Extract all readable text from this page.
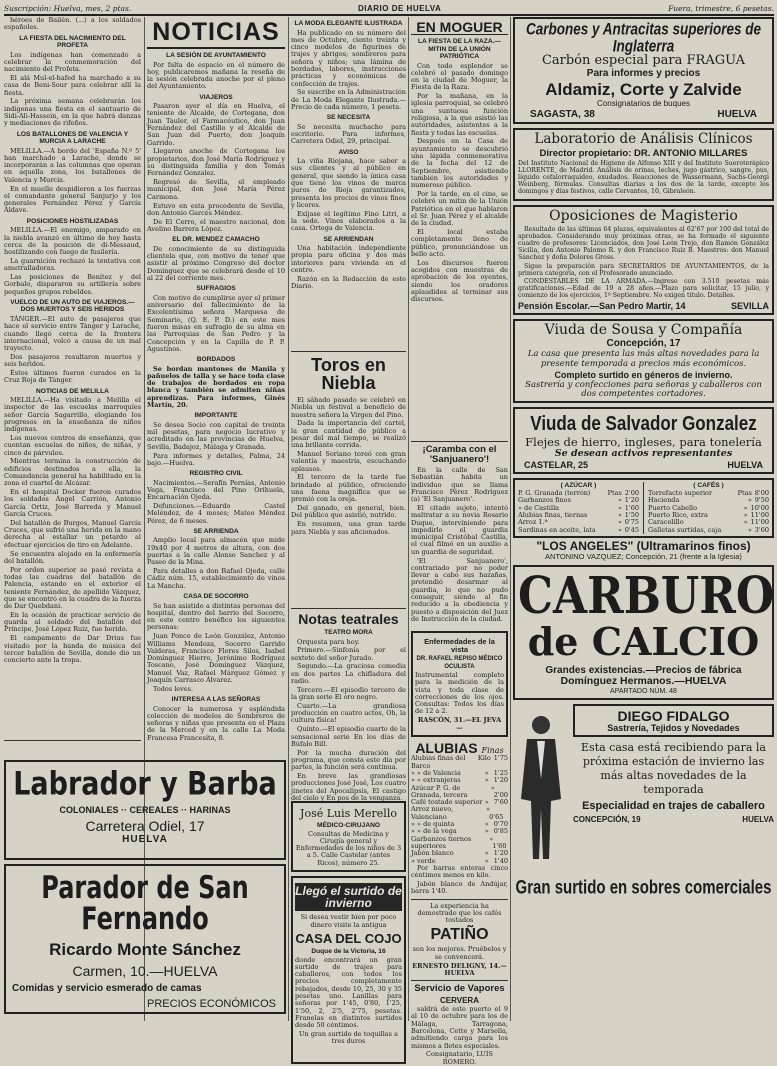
Suscripción: Huelva, mes, 2 ptas.	DIARIO DE HUELVA	Fuera, trimestre, 6 pesetas.

héroes de Bailén. (...) a los soldados españoles.

LA FIESTA DEL NACIMIENTO DEL PROFETA

Los indígenas han comenzado a celebrar la conmemoración del nacimiento del Profeta.

El alá Mul-el-hafed ha marchado a su casa de Beni-Sour para celebrar allí la fiesta.

La próxima semana celebrarán los indígenas una fiesta en el santuario de Sidi-Ali-Hassein, en la que habrá danzas y mediaciones de rifeños.

LOS BATALLONES DE VALENCIA Y MURCIA A LARACHE

MELILLA.—A bordo del 'España N.º 5' han marchado a Larache, donde se incorporarán a las columnas que operan en aquella zona, los batallones de Valencia y Murcia.

En el muelle despidieron a los fuerzas el comandante general Sanjurjo y los generales Fernández Pérez y García Aldave.

POSICIONES HOSTILIZADAS

MELILLA.—El enemigo, amparado en la niebla avanzó en último de hoy hasta cerca de la posición de di-Messaud, hostilizando con fuego de fusilería.

La guarnición rechazó la tentativa con ametralladoras.

Las posiciones de Benítez y del Gorbalo, dispararon su artillería sobre pequeños grupos rebeldes.

VUELCO DE UN AUTO DE VIAJEROS.—DOS MUERTOS Y SEIS HERIDOS

TÁNGER.—El auto de pasajeros que hace el servicio entre Tánger y Larache, cuando llegó cerca de la frontera internacional, volcó a causa de un mal trayecto.

Dos pasajeros resultaron muertos y seis heridos.

Éstos últimos fueron curados en la Cruz Roja de Tánger.

NOTICIAS DE MELILLA

MELILLA.—Ha visitado a Melilla el inspector de las escuelas marroquíes señor García Sagarrillo, elogiando los progresos en la enseñanza de niños indígenas.

Los nuevos centros de enseñanza, que cuentan escuelas de niños, de niñas, y cinco de párvulos.

Mientras termina la construcción de edificios destinados a ella, la Comandancia general ha habilitado en la zona el cuartel de Alcázar.

En el hospital Docker fueron curados los soldados Ángel Carrión, Antonio García Ortiz, José Barreda y Manuel García Cruces.

Del batallón de Burgos, Manuel García Cruces, que sufrió una herida en la mano derecha al estallar un petardo al efectuar ejercicios de tiro en Adelante.

Se encuentra alojado en la enfermería del batallón.

Por orden superior se pasó revista a todas las cuadras del batallón de Palencia, estando en el exterior el teniente Fernández, de apellido Vázquez, que se encontró en la cuadra de la fuerza de Dar Quebdani.

En la ocasión de practicar servicio de guarda al soldado del batallón del Príncipe, José López Ruiz, fue herido.

El campamento de Dar Drius fue visitado por la banda de música del tercer batallón de Sevilla, donde dio un concierto ante la tropa.

Labrador y Barba
COLONIALES ·· CEREALES ·· HARINAS
Carretera Odiel, 17
HUELVA
Parador de San Fernando
Ricardo Monte Sánchez
Carmen, 10.—HUELVA
Comidas y servicio esmerado de camas
PRECIOS ECONÓMICOS
NOTICIAS
LA SESIÓN DE AYUNTAMIENTO

Por falta de espacio en el número de hoy, publicaremos mañana la reseña de la sesión celebrada anoche por el pleno del Ayuntamiento.

VIAJEROS

Pasaron ayer el día en Huelva, el teniente de Alcalde, de Cortegana, don Juan Tauler, el Farmacéutico, don Juan Fernández del Castillo y el Alcalde de San Juan del Puerto, don Joaquín Garrido.

Llegaron anoche de Cortegana los propietarios, don José María Rodríguez y su distinguida familia y don Tomás Fernández Gonzalez.

Regresó de Sevilla, el empleado municipal, don José María Pérez Carmona.

Estuvo en esta procedente de Sevilla, don Antonio Garcés Méndez.

De El Cerro, el maestro nacional, don Avelino Barrera López.

EL DR. MENDEZ CAMACHO

De conocimiento de su distinguida clientela que, con motivo de tener que asistir al próximo Congreso del doctor Dominguez que se celebrará desde el 10 al 22 del corriente mes.

SUFRAGIOS

Con motivo de cumplirse ayer el primer aniversario del fallecimiento de la Excelentísima señora Marquesa de Seminario, (Q. E. P. D.) en este mes fueron misas en sufragio de su alma en las Parroquias de San Pedro y la Concepción y en la Capilla de P. P. Agustinos.

BORDADOS

Se bordan mantones de Manila y pañuelos de talla y se hace toda clase de trabajos de bordados en ropa blanca y también se admiten niñas aprendizas. Para informes, Ginés Martín, 20.

IMPORTANTE

Se desea Socio con capital de treinta mil pesetas, para negocio lucrativo y acreditado en las provincias de Huelva, Sevilla, Badajoz, Málaga y Granada.

Para informes y detalles, Palma, 24 bajo.—Huelva.

REGISTRO CIVIL

Nacimientos.—Serafín Pernías, Antonio Vega, Francisco del Pino Orihuela, Encarnación Ojeda.

Defunciones.—Eduardo Castel Meléndez, de 4 meses; Mateo Méndez Pérez, de 6 meses.

SE ARRIENDA

Amplio local para almacén que mide 19x40 por 4 metros de altura, con dos puertas a la calle Alonso Sanchez y al Paseo de la Mina.

Para detalles a don Rafael Ojeda, calle Cádiz núm. 15, establecimiento de vinos La Mancha.

CASA DE SOCORRO

Se han asistido a distintas personas del hospital, dentro del barrio del Socorro, en este centro benéfico los siguientes personas:

Juan Ponce de León González, Antonio Williams Mendoza, Socorro Garrido Valderas, Francisco Flores Silos, Isabel Domínguez Hierro, Jerónimo Rodríguez Toscano, José Domínguez Vázquez, Manuel Vaz, Rafael Márquez Gómez y Joaquín Carrasco Álvarez.

Todos leves.

INTERESA A LAS SEÑORAS

Conocer la numerosa y espléndida colección de modelos de Sombreros de señoras y niñas que presenta en el Plaza de la Merced y en la calle La Moda Francesa Francesita, 8.

LA MODA ELEGANTE ILUSTRADA

Ha publicado en su número del mes de Octubre, ciento treinta y cinco modelos de figurines de trajes y abrigos; sombreros para señora y niños; una lámina de bordados, labores, instrucciones prácticas y económicas de confección de trajes.

Se suscribe en la Administración de La Moda Elegante Ilustrada.—Precio de cada número, 1 peseta.

SE NECESITA

Se necesita muchacho para escritorio. Para informes, Carretera Odiel, 29, principal.

AVISO

La viña Riojana, hace saber a sus clientes y al público en general, que siendo la única casa que tiene los vinos de marca puros de Rioja garantizados, presenta los precios de vinos finos y licores.

Exíjase el legítimo Fino Litri, a la sede. Vinos elaborados a la casa. Ortega de Valencia.

SE ARRIENDAN

Una habitación independiente propia para oficina y dos más interiores para vivienda en el centro.

Razón en la Redacción de este Diario.

Toros en Niebla

El sábado pasado se celebró en Niebla un festival a beneficio de nuestra señora la Virgen del Pino.

Dada la importancia del cartel, la gran cantidad de público a pesar del mal tiempo, se realizó una brillante corrida.

Manuel Soriano toreó con gran valentía y maestría, escuchando aplausos.

El tercero de la tarde fue brindado al público, ofreciendo una faena magnífica que se premió con la oreja.

Del ganado, en general, bien. Del público que asistió, nutrido.

En resumen, una gran tarde para Niebla y sus aficionados.

Notas teatrales
TEATRO MORA

Orquesta para hoy.

Primero.—Sinfonía por el sexteto del señor Jurado.

Segundo.—La graciosa comedia en dos partes La chifladura del radio.

Tercero.—El episodio tercero de la gran serie El oro negro.

Cuarto.—La grandiosa producción en cuatro actos, Oh, la cultura física!

Quinto.—El episodio cuarto de la sensacional serie En los días de Búfalo Bill.

Por la mucha duración del programa, que consta este día por partes, la función será continua.

En breve las grandiosas producciones José José, Los cuatro jinetes del Apocalipsis, El castigo del cielo y En pos de la venganza.

José Luis Merello
MÉDICO-CIRUJANO

Consultas de Medicina y Cirugía general y Enfermedades de los niños de 3 a 5. Calle Castelar (antes Ricos), número 25.

Llegó el surtido de invierno

Si desea vestir bien por poco dinero visite la antigua

CASA DEL COJO
Duque de la Victoria, 16

donde encontrará un gran surtido de trajes para caballeros, con todos los precios completamente rebajados, desde 10, 25, 30 y 35 pesetas uno. Lanillas para señoras por 1'45, 0'80, 1'25, 1'50, 2, 2'5, 2'75, pesetas. Franelas en distintos surtidos desde 50 céntimos.

Un gran surtido de toquillas a tres duros

EN MOGUER
LA FIESTA DE LA RAZA.—MITIN DE LA UNIÓN PATRIÓTICA

Con todo esplendor se celebró el pasado domingo en la ciudad de Moguer, la Fiesta de la Raza.

Por la mañana, en la iglesia parroquial, se celebró una suntuosa función religiosa, a la que asistió las autoridades, asistentes a la fiesta y todas las escuelas.

Después en la Casa de ayuntamiento se descubrió una lápida conmemorativa de la fecha del 12 de Septiembre, asistiendo también los autoridades y numeroso público.

Por la tarde, en el cine, se celebró un mitin de la Unión Patriótica en el que hablaron el Sr. Juan Pérez y el alcalde de la ciudad.

El local estaba completamente lleno de público, pronunciándose un bello acto.

Los discursos fueron acogidos con muestras de aprobación de los oyentes, siendo los oradores aplaudidos al terminar sus discursos.

¡Caramba con el 'Sanjuanero'!

En la calle de San Sebastián habita un individuo que se llama Francisco Pérez Rodríguez (a) 'El Sanjuanero'.

El citado sujeto, intentó maltratar a su novia Rosario Duque, interviniendo para impedirlo el guardia municipal Cristóbal Castilla, el cual filmó en un auxilio a un guardia de seguridad.

'El Sanjuanero', contrariado por no poder llevar a cabo sus hazañas, pretendió desarmar al guardia, lo que no pudo conseguir, siendo al fin reducido a la obediencia y puesto a disposición del Juez de Instrucción de la ciudad.

Enfermedades de la vista
DR. RAFAEL REPISO MÉDICO OCULISTA

Instrumental completo para la medición de la vista y toda clase de correcciones de los ojos. Consultas: Todos los días de 12 a 2.

RASCÓN, 31.—EL JEVA—

ALUBIAS Finas
Alubias finas del Barco
Kilo 1'75
» » de Valencia	» 1'25
» » extranjeras	» 1'20
Azúcar P. G. de Granada, tercera
» 2'00
Café tostado superior » 7'60
Arroz nuevo, Valenciano
» 0'65
» » de quinta	» 0'70
» » de la vega	» 0'85
Garbanzos tiernos superiores
» 1'60
Jabón blanco	» 1'20
» verde	» 1'40

Por barras enteras cinco céntimos menos en kilo.

Jabón blanco de Andújar, barra 1'40.

La experiencia ha demostrado que los cafés tostados

PATIÑO

son los mejores. Pruébelos y se convencerá.

ERNESTO DELIGNY, 14.—HUELVA

Servicio de Vapores
CERVERA

saldrá de este puerto el 9 al 10 de octubre para los de Málaga, Tarragona, Barcelona, Cette y Marsella, admitiendo carga para los mismos a fletes especiales.

Consignatario, LUIS ROMERO.

Carbones y Antracitas superiores de Inglaterra
Carbón especial para FRAGUA
Para informes y precios
Aldamiz, Corte y Zalvide
Consignatarios de buques
SAGASTA, 38	HUELVA
Laboratorio de Análisis Clínicos
Director propietario: DR. ANTONIO MILLARES

Del Instituto Nacional de Higiene de Alfonso XIII y del Instituto Sueroterápico LLORENTE, de Madrid. Análisis de orinas, leches, jugo gástrico, sangre, pus, líquido cefalorraquídeo, exudados. Reacciones de Wassermann, Sachs-Georgi Weinberg, fórmulas. Consultas diarias a los dos de la tarde, excepto los domingos y días festivos, calle Cervantes, 10, Gibraleón.

Oposiciones de Magisterio

Resultado de las últimas 64 plazas, equivalentes al 62'67 por 100 del total de aprobados. Considerando muy próximas otras, se ha formado el siguiente cuadro de profesores: Licenciados, don José León Trejo, don Ramón González Sicilia, don Antonio Palomo R. y don Francisco Ruiz B. Maestros: don Manuel Sánchez y doña Dolores Gross.

Sigue la preparación para SECRETARIOS DE AYUNTAMIENTOS, de la primera categoría, con el Profesorado anunciado.

CONDESTABLES DE LA ARMADA.—Ingreso con 3.510 pesetas más gratificaciones.—Edad de 19 a 28 años.—Plazo para solicitar, 15 julio, y comienzo de los ejercicios, 1º Septiembre. No exigen título. Detalles.

Pensión Escolar.—San Pedro Martir, 14	SEVILLA
Viuda de Sousa y Compañía
Concepción, 17
La casa que presenta las más altas novedades para la presente temporada a precios más económicos.
Completo surtido en géneros de invierno.
Sastrería y confecciones para señoras y caballeros con dos competentes cortadores.
Viuda de Salvador Gonzalez
Flejes de hierro, ingleses, para tonelería
Se desean activos representantes
CASTELAR, 25	HUELVA
( AZÚCAR )
P. G. Granada (terrón)	Ptas 2'00
Garbanzos finos	» 1'20
» de Castilla	» 1'60
Alubias finas, tiernas	» 1'50
Arroz 1.ª	» 0'75
Sardinas en aceite, lata	» 0'45
( CAFÉS )
Torrefacto superior	Ptas 8'00
Hacienda	» 9'50
Puerto Cabello	» 10'00
Puerto Rico, extra	» 11'00
Caracolillo	» 11'00
Galletas surtidas, caja	» 3'60
"LOS ANGELES" (Ultramarinos finos)
ANTONINO VAZQUEZ; Concepción, 21 (frente a la Iglesia)
CARBURO
de CALCIO
Grandes existencias.—Precios de fábrica
Domínguez Hermanos.—HUELVA
APARTADO NÚM. 48
DIEGO FIDALGO
Sastrería, Tejidos y Novedades
Esta casa está recibiendo para la próxima estación de invierno las más altas novedades de la temporada
Especialidad en trajes de caballero
CONCEPCIÓN, 19	HUELVA
Gran surtido en sobres comerciales
